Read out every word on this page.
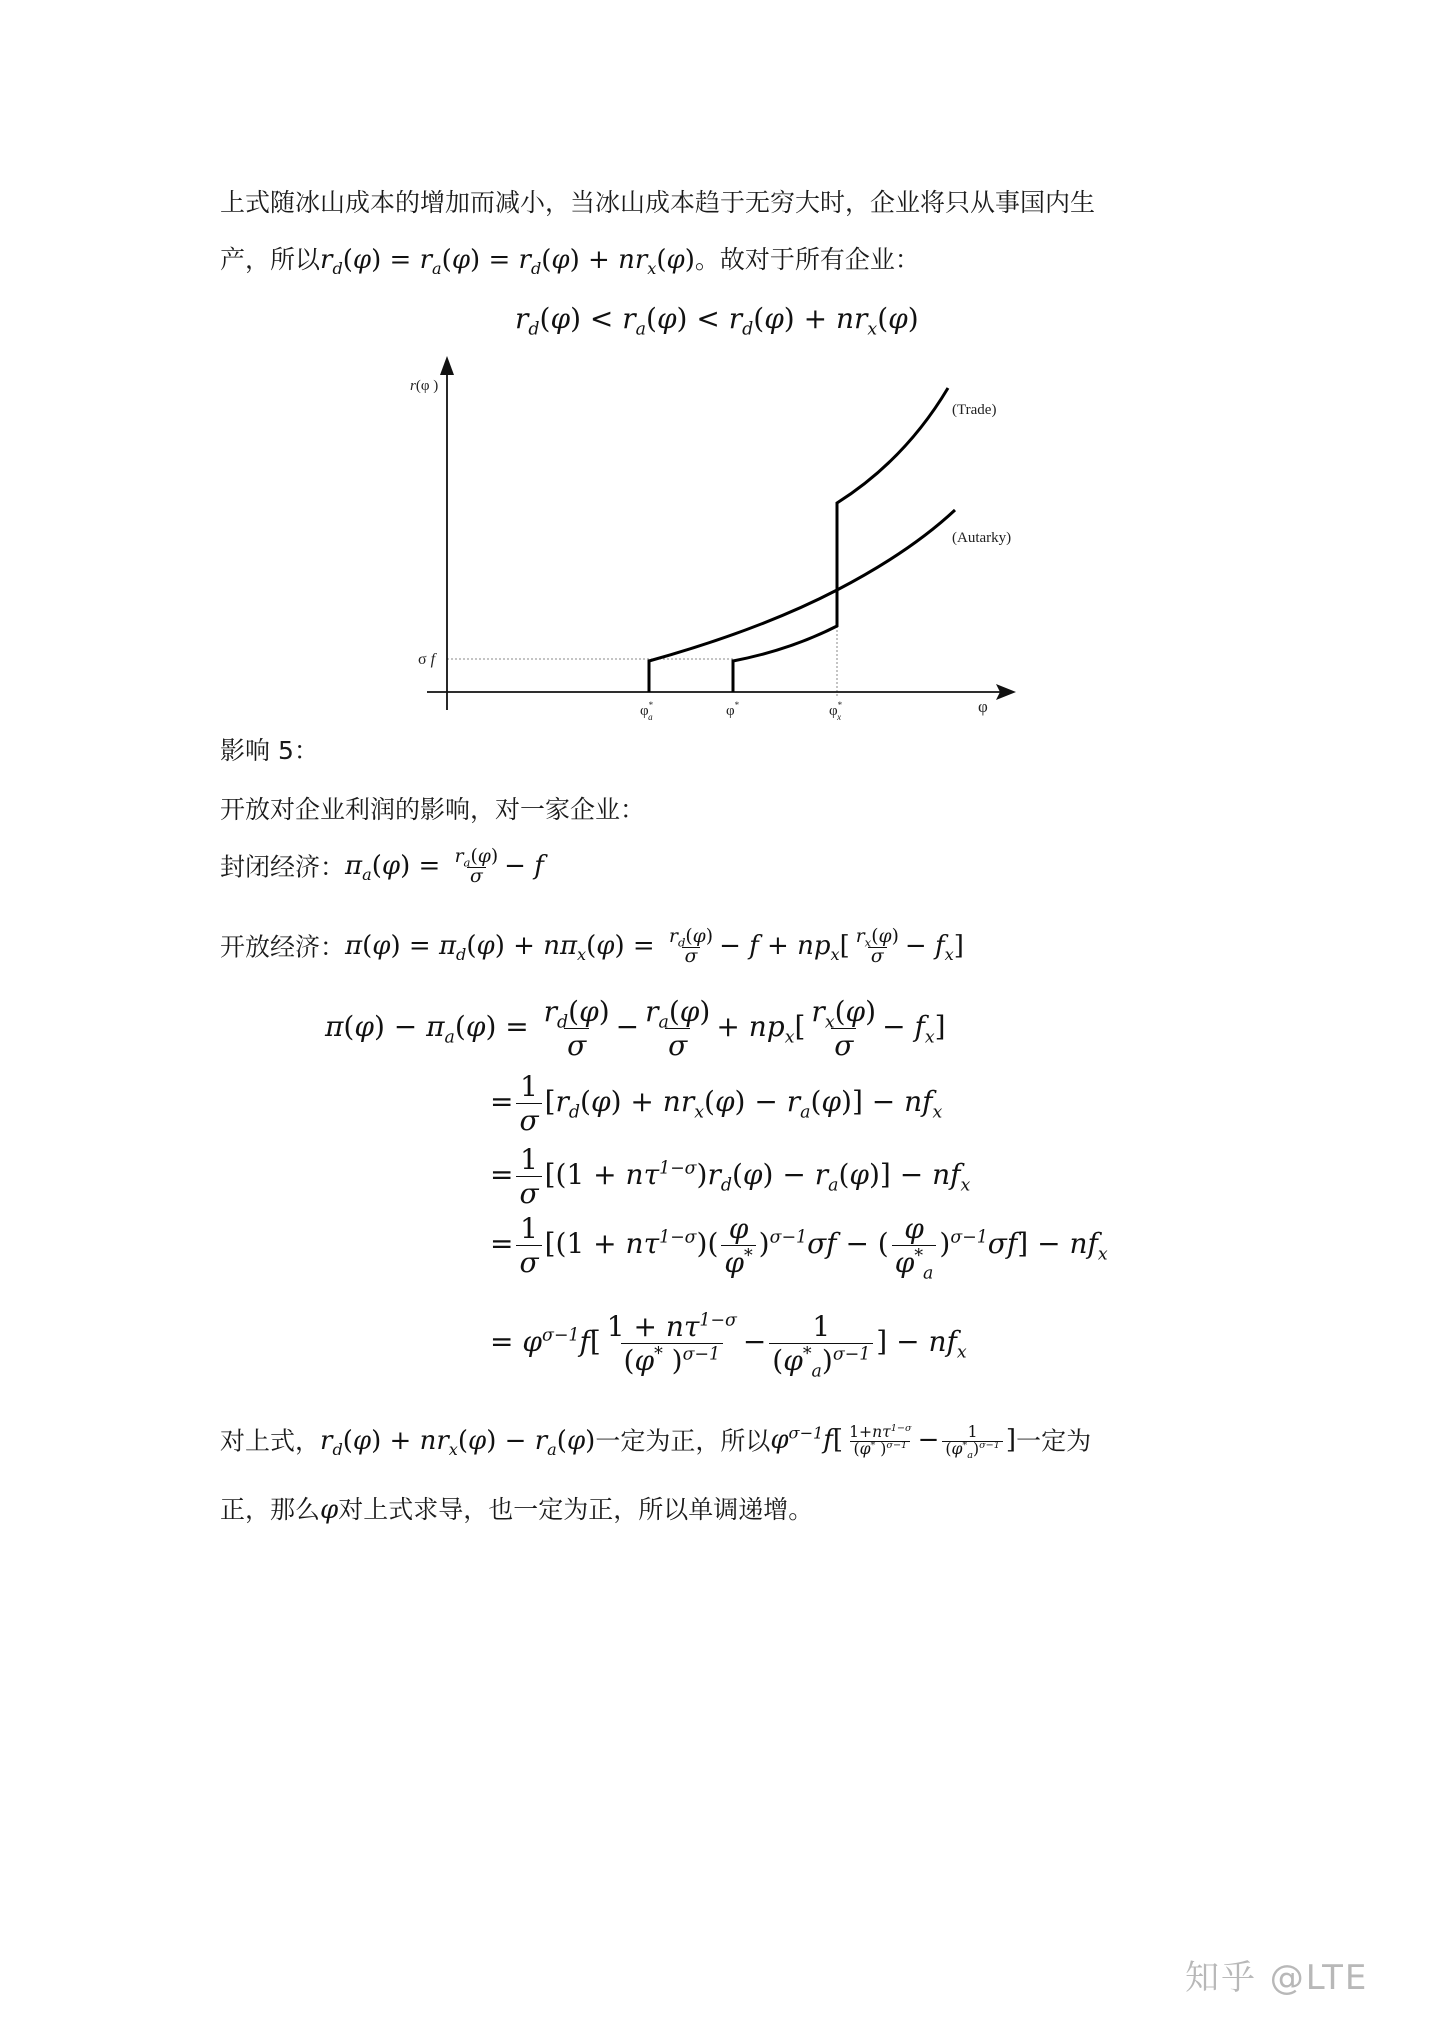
上式随冰山成本的增加而减小，当冰山成本趋于无穷大时，企业将只从事国内生
产，所以$r_d(\varphi) = r_a(\varphi) = r_d(\varphi) + nr_x(\varphi)$。故对于所有企业：
$r_d(\varphi) < r_a(\varphi) < r_d(\varphi) + nr_x(\varphi)$
r(φ )
σ f
φ* a	φ*	φ* x
φ
(Trade)
(Autarky)
影响 5：
开放对企业利润的影响，对一家企业：
封闭经济：$\pi_a(\varphi) = \frac{r_a(\varphi)}{\sigma} - f$
开放经济：$\pi(\varphi) = \pi_d(\varphi) + n\pi_x(\varphi) = \frac{r_d(\varphi)}{\sigma} - f + np_x[ \frac{r_x(\varphi)}{\sigma} - f_x]$
$\pi(\varphi) - \pi_a(\varphi) = \frac{r_d(\varphi)}{\sigma} - \frac{r_a(\varphi)}{\sigma} + np_x[ \frac{r_x(\varphi)}{\sigma} - f_x]$
= $\frac{1}{\sigma} [r_d(\varphi) + nr_x(\varphi) - r_a(\varphi)] - nf_x$
= $\frac{1}{\sigma} [(1 + n\tau^{1-\sigma})r_d(\varphi) - r_a(\varphi)] - nf_x$
= $\frac{1}{\sigma} [(1 + n\tau^{1-\sigma})( \frac{\varphi}{\varphi^*} )^{\sigma-1}\sigma f$ − ( $\frac{\varphi}{\varphi^*_a} )^{\sigma-1}\sigma f] - nf_x$
= $\varphi^{\sigma-1}f[ \frac{1 + n\tau^{1-\sigma}}{(\varphi^* )^{\sigma-1}} - \frac{1}{(\varphi^*_a)^{\sigma-1}}$ ] − $nf_x$
对上式，$r_d(\varphi) + nr_x(\varphi) - r_a(\varphi)$一定为正，所以$\varphi^{\sigma-1}f[ \frac{1+n\tau^{1-\sigma}}{(\varphi^* )^{\sigma-1}} - \frac{1}{(\varphi^*_a)^{\sigma-1}}$ ]一定为
正，那么φ对上式求导，也一定为正，所以单调递增。
知乎 @LTE
